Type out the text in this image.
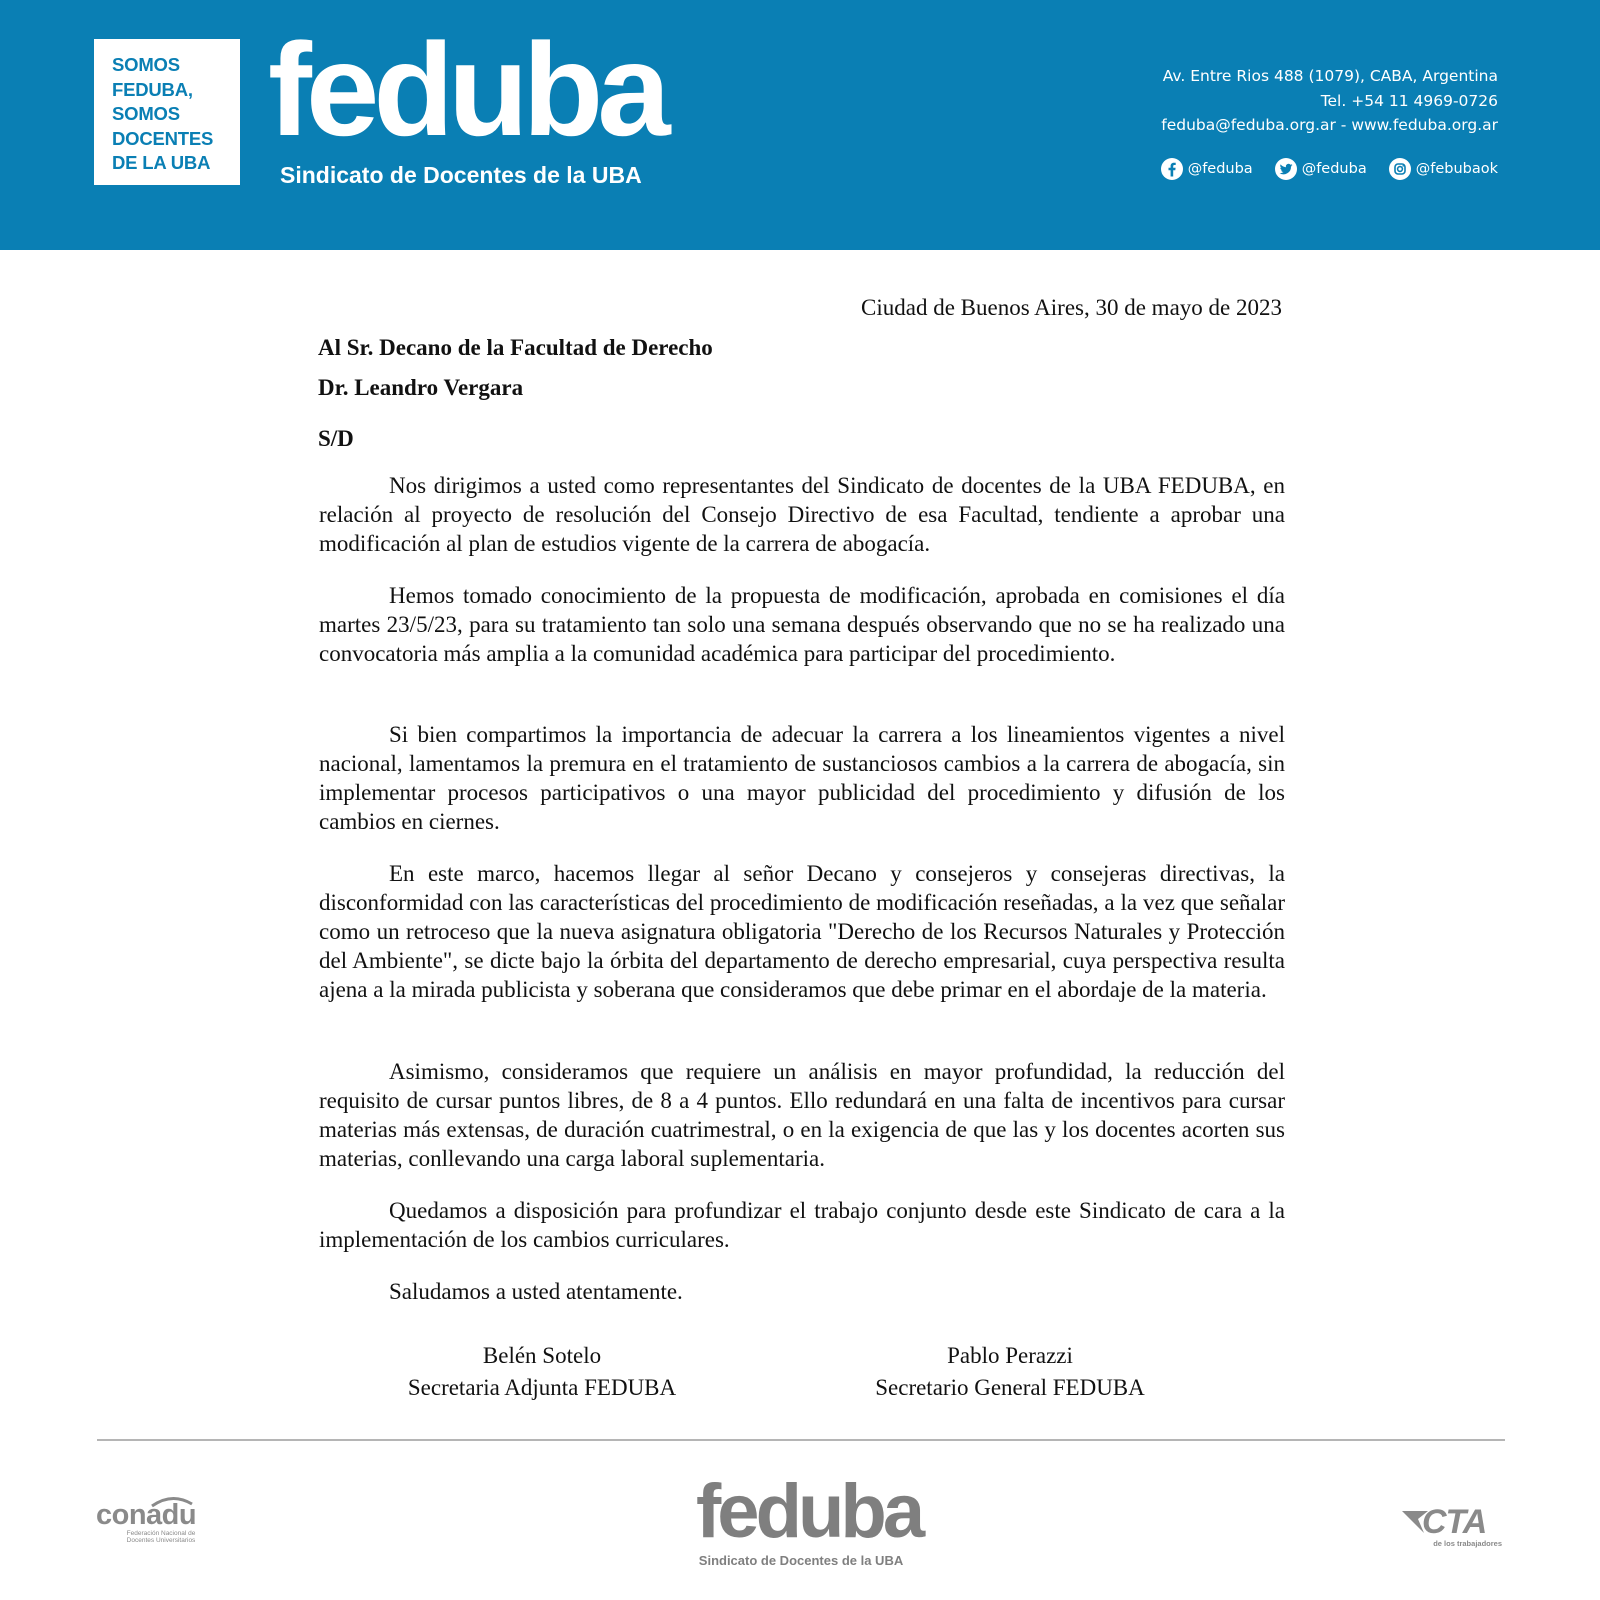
SOMOS
FEDUBA,
SOMOS
DOCENTES
DE LA UBA feduba
Sindicato de Docentes de la UBA
Av. Entre Rios 488 (1079), CABA, Argentina
Tel. +54 11 4969-0726
feduba@feduba.org.ar - www.feduba.org.ar
@feduba	@feduba	@febubaok
Ciudad de Buenos Aires, 30 de mayo de 2023
Al Sr. Decano de la Facultad de Derecho
Dr. Leandro Vergara
S/D

Nos dirigimos a usted como representantes del Sindicato de docentes de la UBA FEDUBA, en relación al proyecto de resolución del Consejo Directivo de esa Facultad, tendiente a aprobar una modificación al plan de estudios vigente de la carrera de abogacía.

Hemos tomado conocimiento de la propuesta de modificación, aprobada en comisiones el día martes 23/5/23, para su tratamiento tan solo una semana después observando que no se ha realizado una convocatoria más amplia a la comunidad académica para participar del procedimiento.

Si bien compartimos la importancia de adecuar la carrera a los lineamientos vigentes a nivel nacional, lamentamos la premura en el tratamiento de sustanciosos cambios a la carrera de abogacía, sin implementar procesos participativos o una mayor publicidad del procedimiento y difusión de los cambios en ciernes.

En este marco, hacemos llegar al señor Decano y consejeros y consejeras directivas, la disconformidad con las características del procedimiento de modificación reseñadas, a la vez que señalar como un retroceso que la nueva asignatura obligatoria "Derecho de los Recursos Naturales y Protección del Ambiente", se dicte bajo la órbita del departamento de derecho empresarial, cuya perspectiva resulta ajena a la mirada publicista y soberana que consideramos que debe primar en el abordaje de la materia.

Asimismo, consideramos que requiere un análisis en mayor profundidad, la reducción del requisito de cursar puntos libres, de 8 a 4 puntos. Ello redundará en una falta de incentivos para cursar materias más extensas, de duración cuatrimestral, o en la exigencia de que las y los docentes acorten sus materias, conllevando una carga laboral suplementaria.

Quedamos a disposición para profundizar el trabajo conjunto desde este Sindicato de cara a la implementación de los cambios curriculares.

Saludamos a usted atentamente.
Belén Sotelo
Secretaria Adjunta FEDUBA
Pablo Perazzi
Secretario General FEDUBA
conadu
Federación Nacional de Docentes Universitarios	feduba
Sindicato de Docentes de la UBA
CTA
de los trabajadores
